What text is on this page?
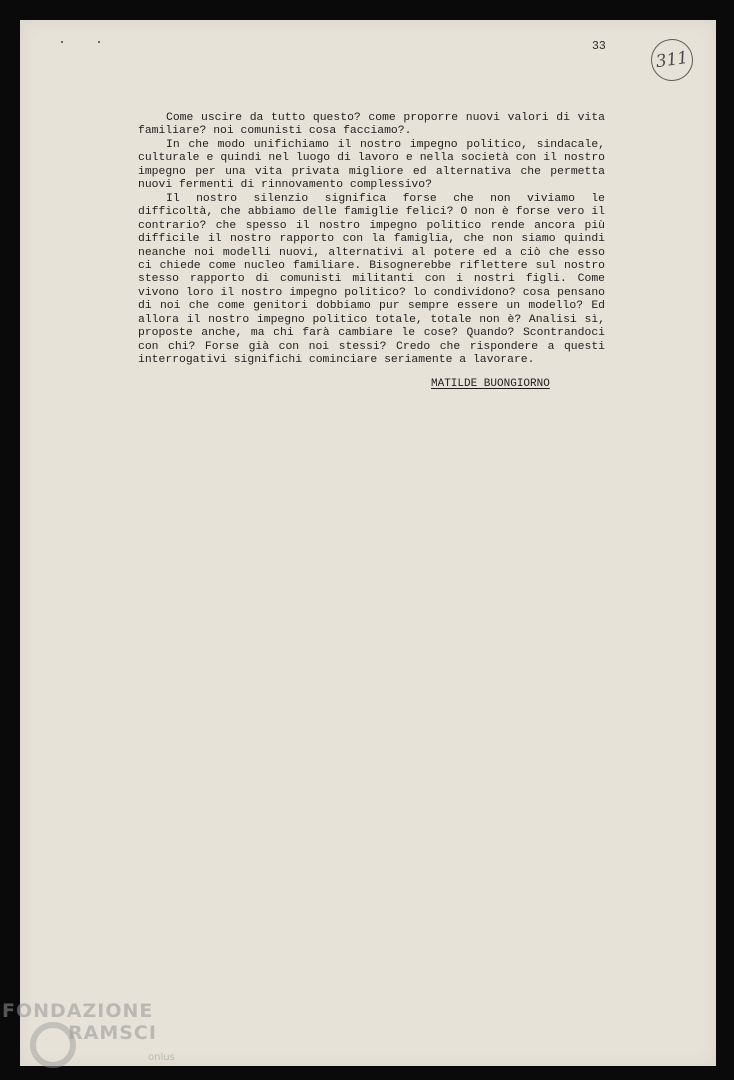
33
311

Come uscire da tutto questo? come proporre nuovi valori di vita familiare? noi comunisti cosa facciamo?.

In che modo unifichiamo il nostro impegno politico, sindacale, culturale e quindi nel luogo di lavoro e nella società con il nostro impegno per una vita privata migliore ed alternativa che permetta nuovi fermenti di rinnovamento complessivo?

Il nostro silenzio significa forse che non viviamo le difficoltà, che abbiamo delle famiglie felici? O non è forse vero il contrario? che spesso il nostro impegno politico rende ancora più difficile il nostro rapporto con la famiglia, che non siamo quindi neanche noi modelli nuovi, alternativi al potere ed a ciò che esso ci chiede come nucleo familiare. Bisognerebbe riflettere sul nostro stesso rapporto di comunisti militanti con i nostri figli. Come vivono loro il nostro impegno politico? lo condividono? cosa pensano di noi che come genitori dobbiamo pur sempre essere un modello? Ed allora il nostro impegno politico totale, totale non è? Analisi sì, proposte anche, ma chi farà cambiare le cose? Quando? Scontrandoci con chi? Forse già con noi stessi? Credo che rispondere a questi interrogativi significhi cominciare seriamente a lavorare.

MATILDE BUONGIORNO
FONDAZIONE
RAMSCI
onlus
